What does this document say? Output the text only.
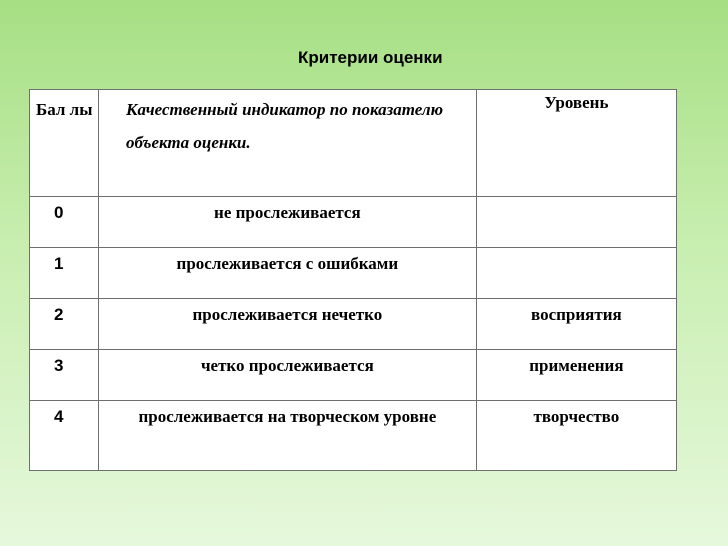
Критерии оценки
Бал лы	Качественный индикатор по показателю объекта оценки.	Уровень
0	не прослеживается	
1	прослеживается с ошибками	
2	прослеживается нечетко	восприятия
3	четко прослеживается	применения
4	прослеживается на творческом уровне	творчество
